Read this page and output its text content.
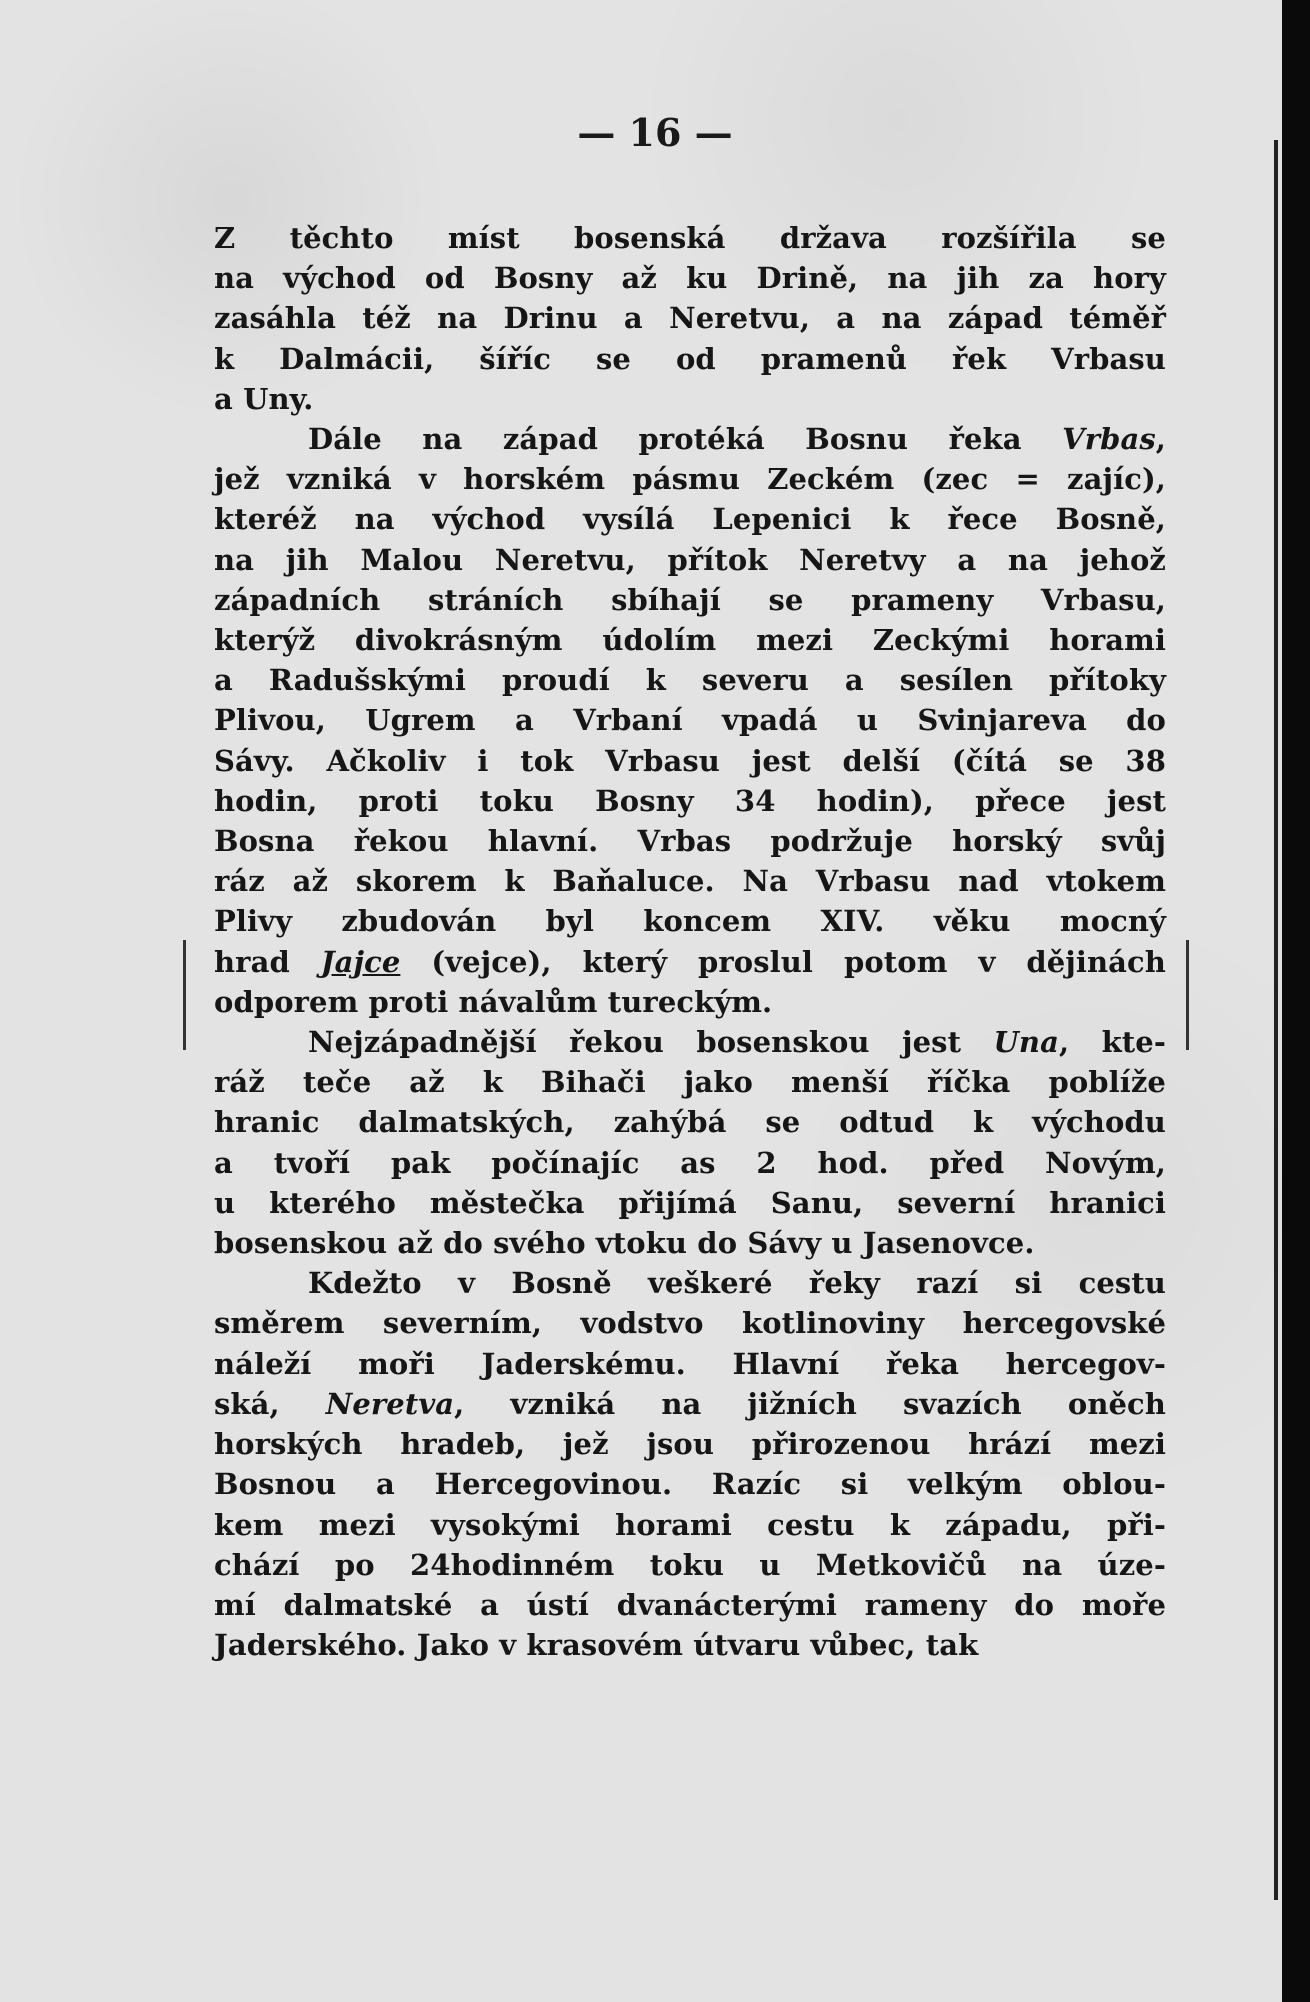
— 16 —
Z těchto míst bosenská država rozšířila se
na východ od Bosny až ku Drině, na jih za hory
zasáhla též na Drinu a Neretvu, a na západ téměř
k Dalmácii, šíříc se od pramenů řek Vrbasu
a Uny.
Dále na západ protéká Bosnu řeka Vrbas,
jež vzniká v horském pásmu Zeckém (zec = zajíc),
kteréž na východ vysílá Lepenici k řece Bosně,
na jih Malou Neretvu, přítok Neretvy a na jehož
západních stráních sbíhají se prameny Vrbasu,
kterýž divokrásným údolím mezi Zeckými horami
a Radušskými proudí k severu a sesílen přítoky
Plivou, Ugrem a Vrbaní vpadá u Svinjareva do
Sávy. Ačkoliv i tok Vrbasu jest delší (čítá se 38
hodin, proti toku Bosny 34 hodin), přece jest
Bosna řekou hlavní. Vrbas podržuje horský svůj
ráz až skorem k Baňaluce. Na Vrbasu nad vtokem
Plivy zbudován byl koncem XIV. věku mocný
hrad Jajce (vejce), který proslul potom v dějinách
odporem proti návalům tureckým.
Nejzápadnější řekou bosenskou jest Una, kte-
ráž teče až k Bihači jako menší říčka poblíže
hranic dalmatských, zahýbá se odtud k východu
a tvoří pak počínajíc as 2 hod. před Novým,
u kterého městečka přijímá Sanu, severní hranici
bosenskou až do svého vtoku do Sávy u Jasenovce.
Kdežto v Bosně veškeré řeky razí si cestu
směrem severním, vodstvo kotlinoviny hercegovské
náleží moři Jaderskému. Hlavní řeka hercegov-
ská, Neretva, vzniká na jižních svazích oněch
horských hradeb, jež jsou přirozenou hrází mezi
Bosnou a Hercegovinou. Razíc si velkým oblou-
kem mezi vysokými horami cestu k západu, při-
chází po 24hodinném toku u Metkovičů na úze-
mí dalmatské a ústí dvanácterými rameny do moře
Jaderského. Jako v krasovém útvaru vůbec, tak
